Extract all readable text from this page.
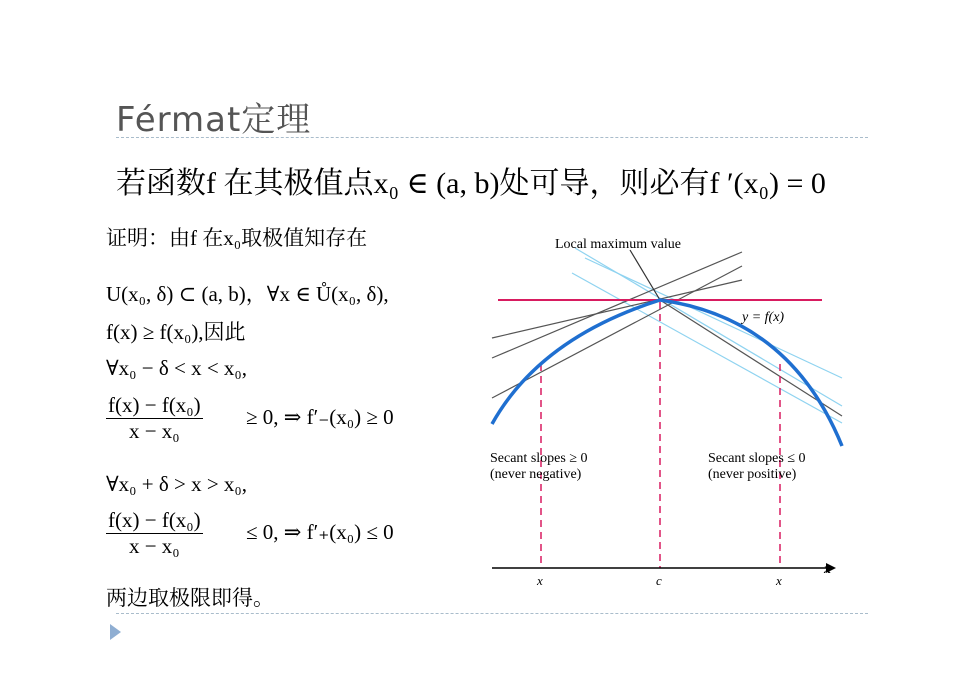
Férmat定理
若函数f 在其极值点x₀ ∈ (a, b)处可导，则必有f ′(x₀) = 0
证明：由f 在x₀取极值知存在
U(x₀, δ) ⊂ (a, b)，∀x ∈ Ů(x₀, δ),
f(x) ≥ f(x₀),因此
∀x₀ − δ < x < x₀,
$\frac{\text{f(x) − f(x₀)}}{\text{x − x₀}} \ge 0$, ⇒ f′₋(x₀) ≥ 0
∀x₀ + δ > x > x₀,
$\frac{\text{f(x) − f(x₀)}}{\text{x − x₀}} \le 0$, ⇒ f′₊(x₀) ≤ 0
两边取极限即得。
Local maximum value
y = f(x)
Secant slopes ≥ 0
(never negative)
Secant slopes ≤ 0
(never positive)
x	c	x
x
